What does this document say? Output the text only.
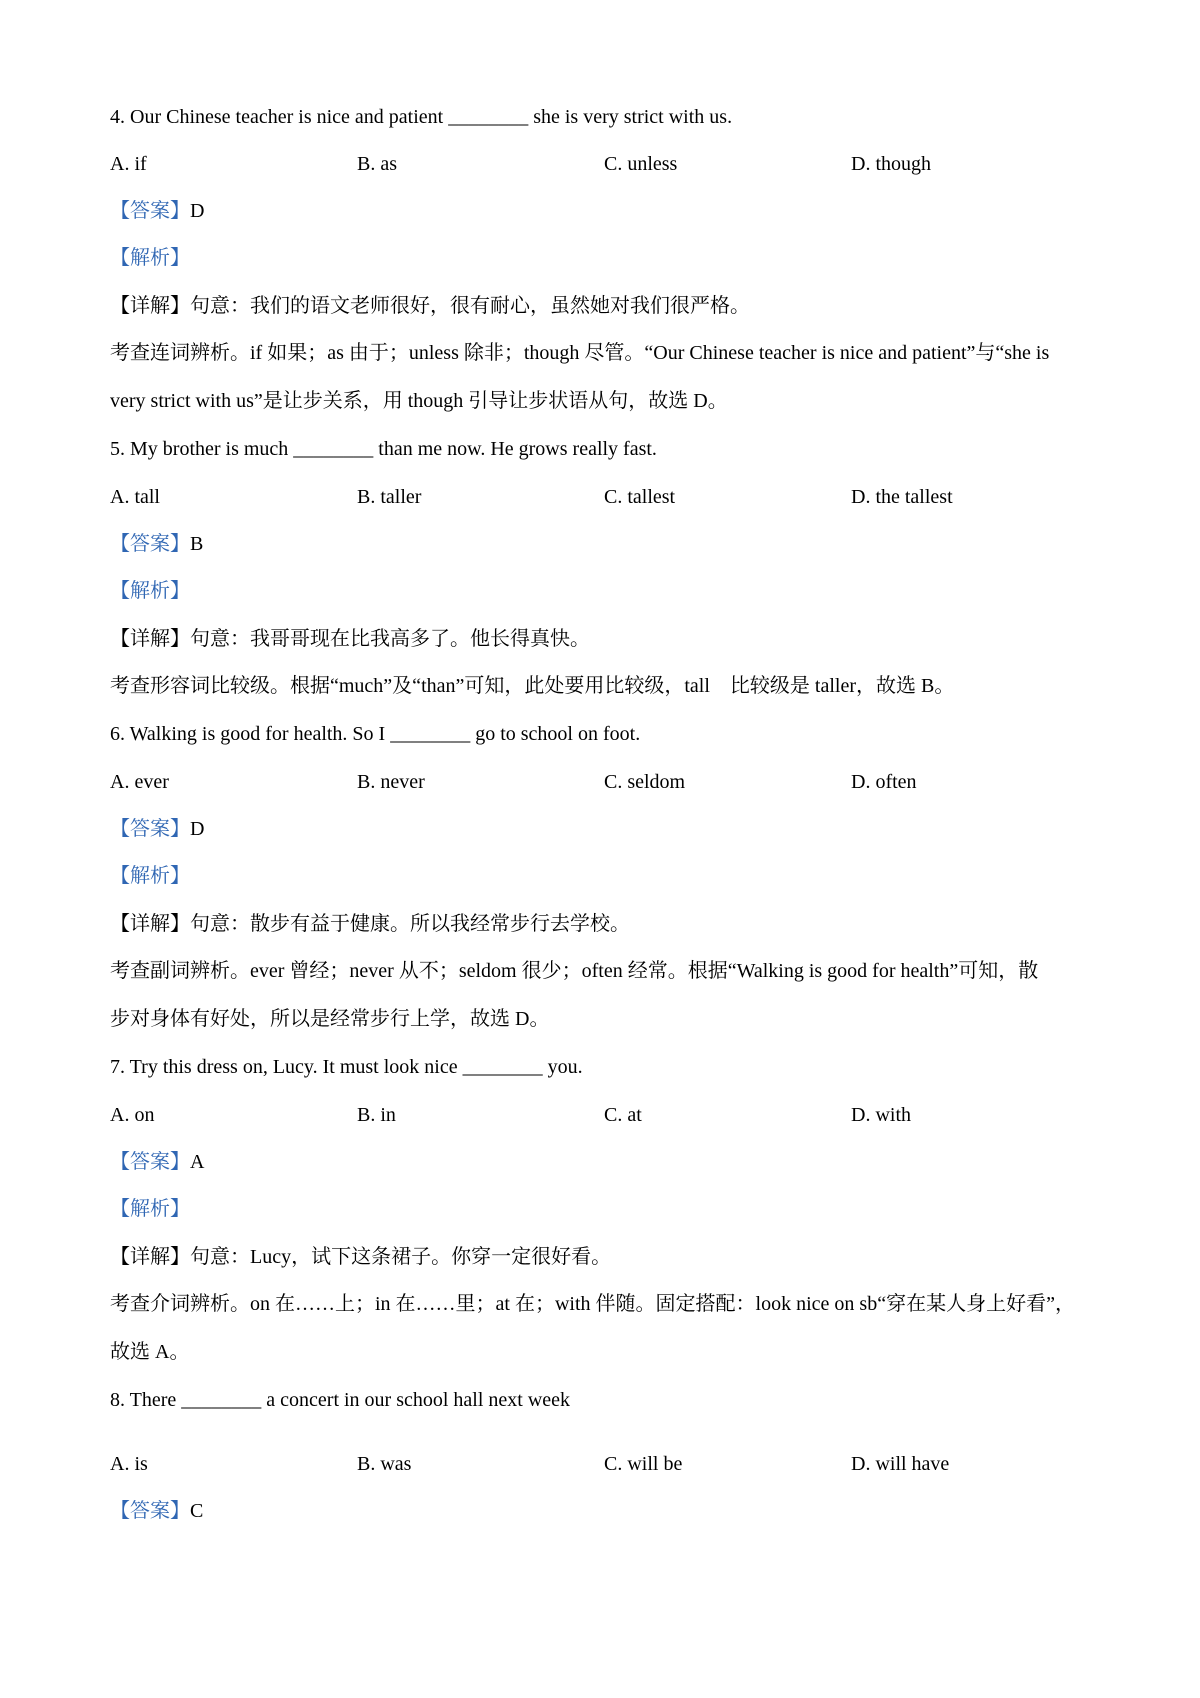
4. Our Chinese teacher is nice and patient ________ she is very strict with us.
A. if	B. as	C. unless	D. though
【答案】D
【解析】
【详解】句意：我们的语文老师很好，很有耐心，虽然她对我们很严格。
考查连词辨析。if 如果；as 由于；unless 除非；though 尽管。“Our Chinese teacher is nice and patient”与“she is
very strict with us”是让步关系，用 though 引导让步状语从句，故选 D。
5. My brother is much ________ than me now. He grows really fast.
A. tall	B. taller	C. tallest	D. the tallest
【答案】B
【解析】
【详解】句意：我哥哥现在比我高多了。他长得真快。
考查形容词比较级。根据“much”及“than”可知，此处要用比较级，tall　比较级是 taller，故选 B。
6. Walking is good for health. So I ________ go to school on foot.
A. ever	B. never	C. seldom	D. often
【答案】D
【解析】
【详解】句意：散步有益于健康。所以我经常步行去学校。
考查副词辨析。ever 曾经；never 从不；seldom 很少；often 经常。根据“Walking is good for health”可知，散
步对身体有好处，所以是经常步行上学，故选 D。
7. Try this dress on, Lucy. It must look nice ________ you.
A. on	B. in	C. at	D. with
【答案】A
【解析】
【详解】句意：Lucy，试下这条裙子。你穿一定很好看。
考查介词辨析。on 在……上；in 在……里；at 在；with 伴随。固定搭配：look nice on sb“穿在某人身上好看”，
故选 A。
8. There ________ a concert in our school hall next week
A. is	B. was	C. will be	D. will have
【答案】C
